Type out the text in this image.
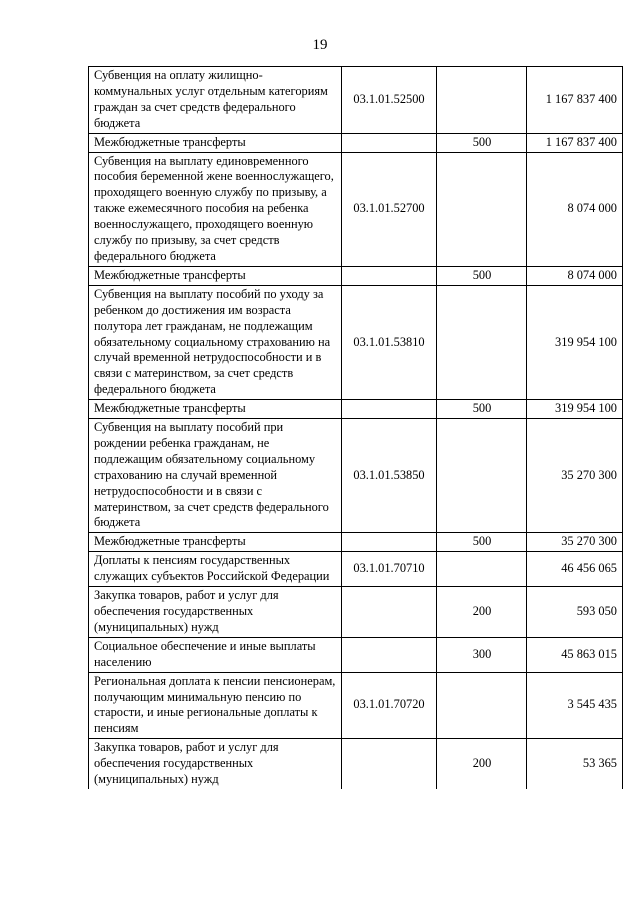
19
Субвенция на оплату жилищно-коммунальных услуг отдельным категориям граждан за счет средств федерального бюджета	03.1.01.52500		1 167 837 400
Межбюджетные трансферты		500	1 167 837 400
Субвенция на выплату единовременного пособия беременной жене военнослужащего, проходящего военную службу по призыву, а также ежемесячного пособия на ребенка военнослужащего, проходящего военную службу по призыву, за счет средств федерального бюджета	03.1.01.52700		8 074 000
Межбюджетные трансферты		500	8 074 000
Субвенция на выплату пособий по уходу за ребенком до достижения им возраста полутора лет гражданам, не подлежащим обязательному социальному страхованию на случай временной нетрудоспособности и в связи с материнством, за счет средств федерального бюджета	03.1.01.53810		319 954 100
Межбюджетные трансферты		500	319 954 100
Субвенция на выплату пособий при рождении ребенка гражданам, не подлежащим обязательному социальному страхованию на случай временной нетрудоспособности и в связи с материнством, за счет средств федерального бюджета	03.1.01.53850		35 270 300
Межбюджетные трансферты		500	35 270 300
Доплаты к пенсиям государственных служащих субъектов Российской Федерации	03.1.01.70710		46 456 065
Закупка товаров, работ и услуг для обеспечения государственных (муниципальных) нужд		200	593 050
Социальное обеспечение и иные выплаты населению		300	45 863 015
Региональная доплата к пенсии пенсионерам, получающим минимальную пенсию по старости, и иные региональные доплаты к пенсиям	03.1.01.70720		3 545 435
Закупка товаров, работ и услуг для обеспечения государственных (муниципальных) нужд		200	53 365
